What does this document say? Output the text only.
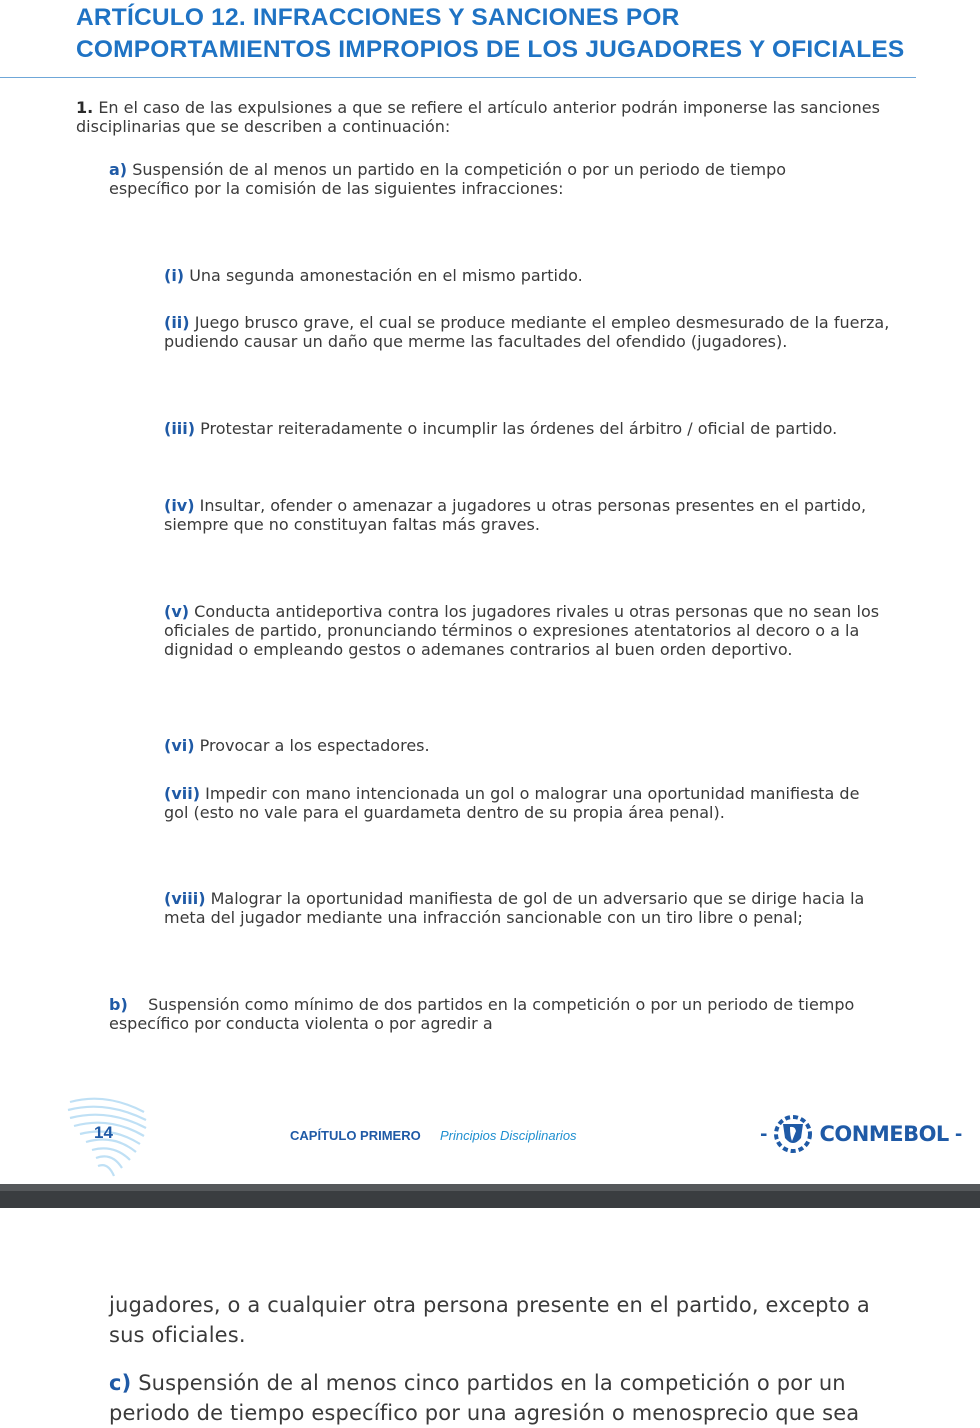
ARTÍCULO 12. INFRACCIONES Y SANCIONES POR COMPORTAMIENTOS IMPROPIOS DE LOS JUGADORES Y OFICIALES
1. En el caso de las expulsiones a que se refiere el artículo anterior podrán imponerse las sanciones disciplinarias que se describen a continuación:
a) Suspensión de al menos un partido en la competición o por un periodo de tiempo específico por la comisión de las siguientes infracciones:
(i) Una segunda amonestación en el mismo partido.
(ii) Juego brusco grave, el cual se produce mediante el empleo desmesurado de la fuerza, pudiendo causar un daño que merme las facultades del ofendido (jugadores).
(iii) Protestar reiteradamente o incumplir las órdenes del árbitro / oficial de partido.
(iv) Insultar, ofender o amenazar a jugadores u otras personas presentes en el partido, siempre que no constituyan faltas más graves.
(v) Conducta antideportiva contra los jugadores rivales u otras personas que no sean los oficiales de partido, pronunciando términos o expresiones atentatorios al decoro o a la dignidad o empleando gestos o ademanes contrarios al buen orden deportivo.
(vi) Provocar a los espectadores.
(vii) Impedir con mano intencionada un gol o malograr una oportunidad manifiesta de gol (esto no vale para el guardameta dentro de su propia área penal).
(viii) Malograr la oportunidad manifiesta de gol de un adversario que se dirige hacia la meta del jugador mediante una infracción sancionable con un tiro libre o penal;
b) Suspensión como mínimo de dos partidos en la competición o por un periodo de tiempo específico por conducta violenta o por agredir a
14	CAPÍTULO PRIMERO Principios Disciplinarios	- CONMEBOL -
jugadores, o a cualquier otra persona presente en el partido, excepto a sus oficiales.
c) Suspensión de al menos cinco partidos en la competición o por un periodo de tiempo específico por una agresión o menosprecio que sea
